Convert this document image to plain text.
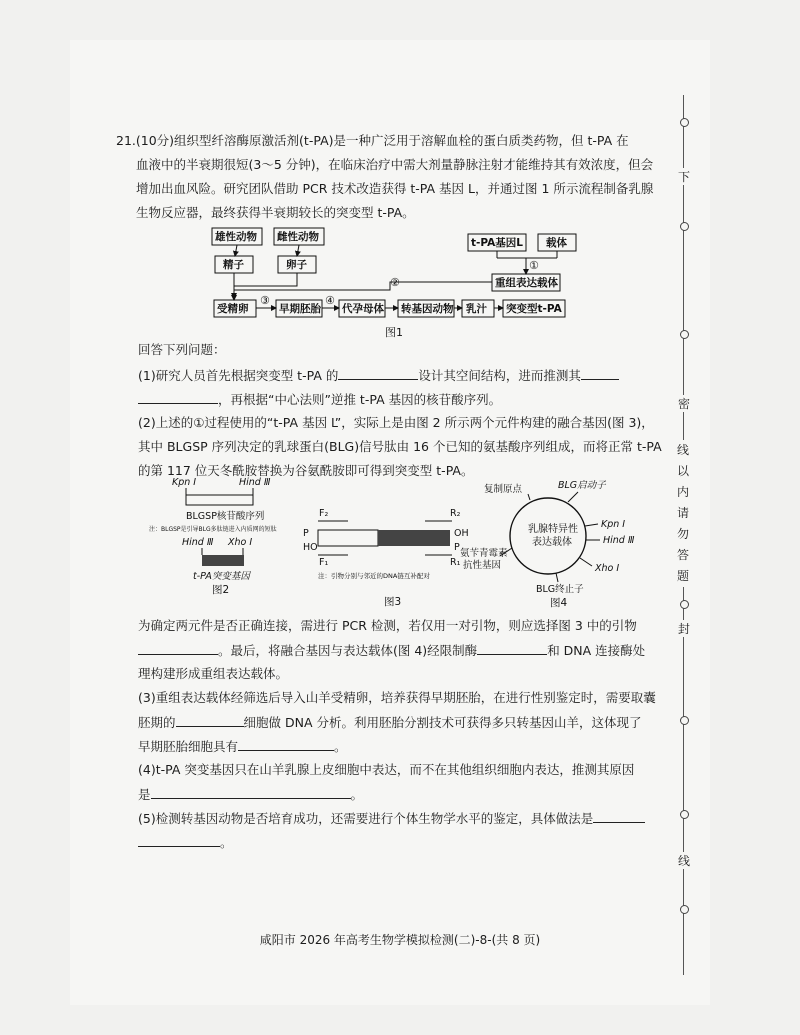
21.(10分)组织型纤溶酶原激活剂(t-PA)是一种广泛用于溶解血栓的蛋白质类药物，但 t-PA 在
血液中的半衰期很短(3～5 分钟)，在临床治疗中需大剂量静脉注射才能维持其有效浓度，但会
增加出血风险。研究团队借助 PCR 技术改造获得 t-PA 基因 L，并通过图 1 所示流程制备乳腺
生物反应器，最终获得半衰期较长的突变型 t-PA。
雄性动物 雌性动物
精子	卵子
t-PA基因L 载体
重组表达载体
受精卵	早期胚胎 代孕母体 转基因动物 乳汁 突变型t-PA
①
②
③	④
图1
回答下列问题：
(1)研究人员首先根据突变型 t-PA 的	设计其空间结构，进而推测其
，再根据“中心法则”逆推 t-PA 基因的核苷酸序列。
(2)上述的①过程使用的“t-PA 基因 L”，实际上是由图 2 所示两个元件构建的融合基因(图 3)，
其中 BLGSP 序列决定的乳球蛋白(BLG)信号肽由 16 个已知的氨基酸序列组成，而将正常 t-PA
的第 117 位天冬酰胺替换为谷氨酰胺即可得到突变型 t-PA。
Kpn Ⅰ	Hind Ⅲ
BLGSP核苷酸序列
注：BLGSP是引导BLG多肽链进入内质网的短肽
Hind Ⅲ Xho Ⅰ
t-PA突变基因
图2
F₂	R₂
P	OH
HO	P
F₁	R₁
注：引物分别与邻近的DNA链互补配对
图3
复制原点	BLG启动子
乳腺特异性
表达载体
Kpn Ⅰ
Hind Ⅲ
Xho Ⅰ
氨苄青霉素
抗性基因
BLG终止子
图4
为确定两元件是否正确连接，需进行 PCR 检测，若仅用一对引物，则应选择图 3 中的引物
。最后，将融合基因与表达载体(图 4)经限制酶	和 DNA 连接酶处
理构建形成重组表达载体。
(3)重组表达载体经筛选后导入山羊受精卵，培养获得早期胚胎，在进行性别鉴定时，需要取囊
胚期的	细胞做 DNA 分析。利用胚胎分割技术可获得多只转基因山羊，这体现了
早期胚胎细胞具有	。
(4)t-PA 突变基因只在山羊乳腺上皮细胞中表达，而不在其他组织细胞内表达，推测其原因
是	。
(5)检测转基因动物是否培育成功，还需要进行个体生物学水平的鉴定，具体做法是
。
咸阳市 2026 年高考生物学模拟检测(二)-8-(共 8 页)
下
密
线
以
内
请
勿
答
题
封
线
